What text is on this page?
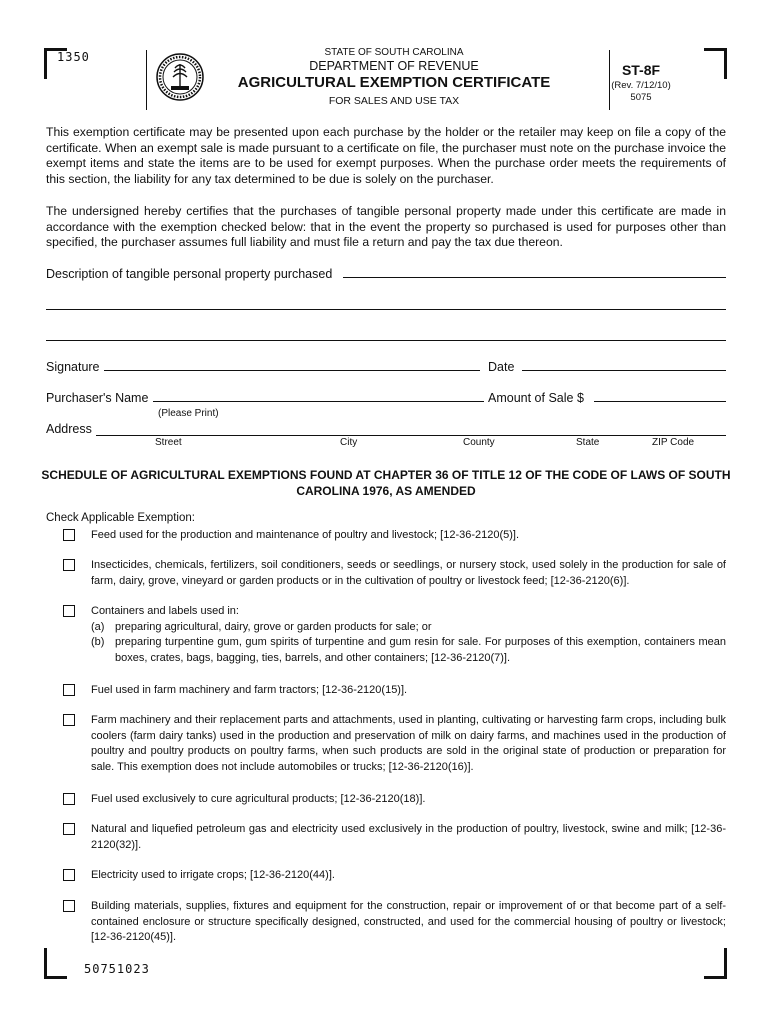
1350
50751023
STATE OF SOUTH CAROLINA
DEPARTMENT OF REVENUE
AGRICULTURAL EXEMPTION CERTIFICATE
FOR SALES AND USE TAX
ST-8F
(Rev. 7/12/10)
5075
This exemption certificate may be presented upon each purchase by the holder or the retailer may keep on file a copy of the certificate. When an exempt sale is made pursuant to a certificate on file, the purchaser must note on the purchase invoice the exempt items and state the items are to be used for exempt purposes. When the purchase order meets the requirements of this section, the liability for any tax determined to be due is solely on the purchaser.
The undersigned hereby certifies that the purchases of tangible personal property made under this certificate are made in accordance with the exemption checked below: that in the event the property so purchased is used for purposes other than specified, the purchaser assumes full liability and must file a return and pay the tax due thereon.
Description of tangible personal property purchased
Signature	Date
Purchaser's Name	Amount of Sale $
(Please Print)
Address
Street	City	County	State	ZIP Code
SCHEDULE OF AGRICULTURAL EXEMPTIONS FOUND AT CHAPTER 36 OF TITLE 12 OF THE CODE OF LAWS OF SOUTH CAROLINA 1976, AS AMENDED
Check Applicable Exemption:
Feed used for the production and maintenance of poultry and livestock; [12-36-2120(5)].
Insecticides, chemicals, fertilizers, soil conditioners, seeds or seedlings, or nursery stock, used solely in the production for sale of farm, dairy, grove, vineyard or garden products or in the cultivation of poultry or livestock feed; [12-36-2120(6)].
Containers and labels used in:
(a) preparing agricultural, dairy, grove or garden products for sale; or
(b) preparing turpentine gum, gum spirits of turpentine and gum resin for sale. For purposes of this exemption, containers mean boxes, crates, bags, bagging, ties, barrels, and other containers; [12-36-2120(7)].
Fuel used in farm machinery and farm tractors; [12-36-2120(15)].
Farm machinery and their replacement parts and attachments, used in planting, cultivating or harvesting farm crops, including bulk coolers (farm dairy tanks) used in the production and preservation of milk on dairy farms, and machines used in the production of poultry and poultry products on poultry farms, when such products are sold in the original state of production or preparation for sale. This exemption does not include automobiles or trucks; [12-36-2120(16)].
Fuel used exclusively to cure agricultural products; [12-36-2120(18)].
Natural and liquefied petroleum gas and electricity used exclusively in the production of poultry, livestock, swine and milk; [12-36-2120(32)].
Electricity used to irrigate crops; [12-36-2120(44)].
Building materials, supplies, fixtures and equipment for the construction, repair or improvement of or that become part of a self-contained enclosure or structure specifically designed, constructed, and used for the commercial housing of poultry or livestock; [12-36-2120(45)].
